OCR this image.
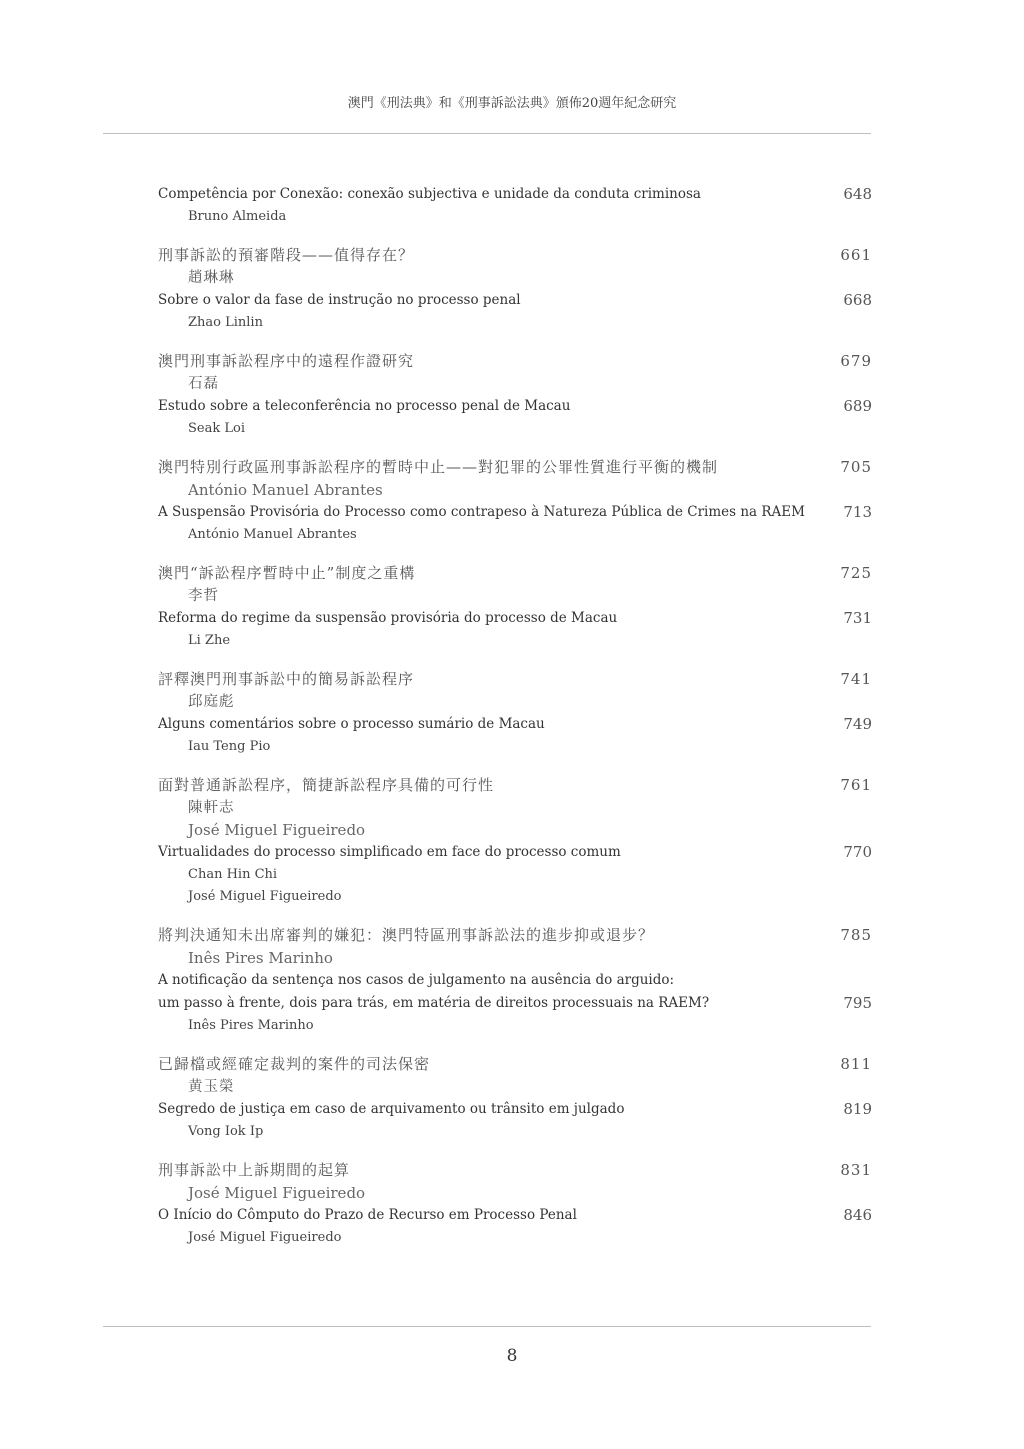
澳門《刑法典》和《刑事訴訟法典》頒佈20週年紀念研究
Competência por Conexão: conexão subjectiva e unidade da conduta criminosa	648
Bruno Almeida
刑事訴訟的預審階段——值得存在？	661
趙琳琳
Sobre o valor da fase de instrução no processo penal	668
Zhao Linlin
澳門刑事訴訟程序中的遠程作證研究	679
石磊
Estudo sobre a teleconferência no processo penal de Macau	689
Seak Loi
澳門特別行政區刑事訴訟程序的暫時中止——對犯罪的公罪性質進行平衡的機制	705
António Manuel Abrantes
A Suspensão Provisória do Processo como contrapeso à Natureza Pública de Crimes na RAEM	713
António Manuel Abrantes
澳門“訴訟程序暫時中止”制度之重構	725
李哲
Reforma do regime da suspensão provisória do processo de Macau	731
Li Zhe
評釋澳門刑事訴訟中的簡易訴訟程序	741
邱庭彪
Alguns comentários sobre o processo sumário de Macau	749
Iau Teng Pio
面對普通訴訟程序，簡捷訴訟程序具備的可行性	761
陳軒志
José Miguel Figueiredo
Virtualidades do processo simplificado em face do processo comum	770
Chan Hin Chi
José Miguel Figueiredo
將判決通知未出席審判的嫌犯：澳門特區刑事訴訟法的進步抑或退步？	785
Inês Pires Marinho
A notificação da sentença nos casos de julgamento na ausência do arguido:
um passo à frente, dois para trás, em matéria de direitos processuais na RAEM?	795
Inês Pires Marinho
已歸檔或經確定裁判的案件的司法保密	811
黄玉榮
Segredo de justiça em caso de arquivamento ou trânsito em julgado	819
Vong Iok Ip
刑事訴訟中上訴期間的起算	831
José Miguel Figueiredo
O Início do Cômputo do Prazo de Recurso em Processo Penal	846
José Miguel Figueiredo
8
